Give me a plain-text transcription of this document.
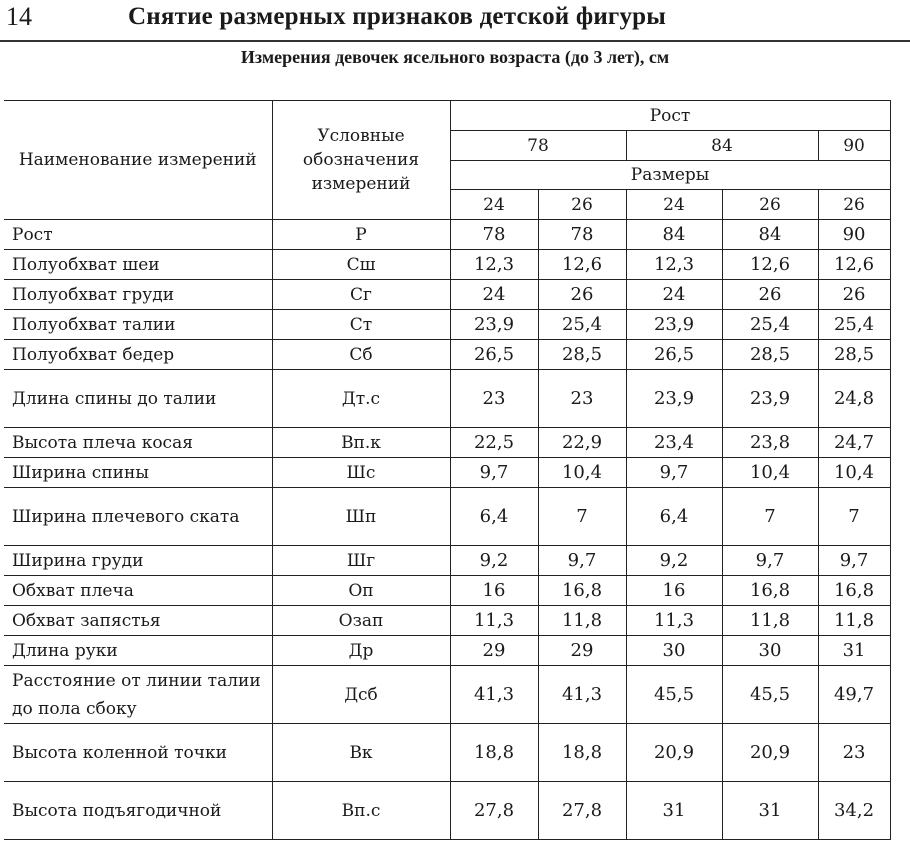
14	Снятие размерных признаков детской фигуры
Измерения девочек ясельного возраста (до 3 лет), см
Наименование измерений	Условные обозначения измерений	Рост				
		78		84		90
		Размеры				
		24	26	24	26	26
Рост	Р	78	78	84	84	90
Полуобхват шеи	Сш	12,3	12,6	12,3	12,6	12,6
Полуобхват груди	Сг	24	26	24	26	26
Полуобхват талии	Ст	23,9	25,4	23,9	25,4	25,4
Полуобхват бедер	Сб	26,5	28,5	26,5	28,5	28,5
Длина спины до талии	Дт.с	23	23	23,9	23,9	24,8
Высота плеча косая	Вп.к	22,5	22,9	23,4	23,8	24,7
Ширина спины	Шс	9,7	10,4	9,7	10,4	10,4
Ширина плечевого ската	Шп	6,4	7	6,4	7	7
Ширина груди	Шг	9,2	9,7	9,2	9,7	9,7
Обхват плеча	Оп	16	16,8	16	16,8	16,8
Обхват запястья	Озап	11,3	11,8	11,3	11,8	11,8
Длина руки	Др	29	29	30	30	31
Расстояние от линии талии до пола сбоку	Дсб	41,3	41,3	45,5	45,5	49,7
Высота коленной точки	Вк	18,8	18,8	20,9	20,9	23
Высота подъягодичной	Вп.с	27,8	27,8	31	31	34,2
